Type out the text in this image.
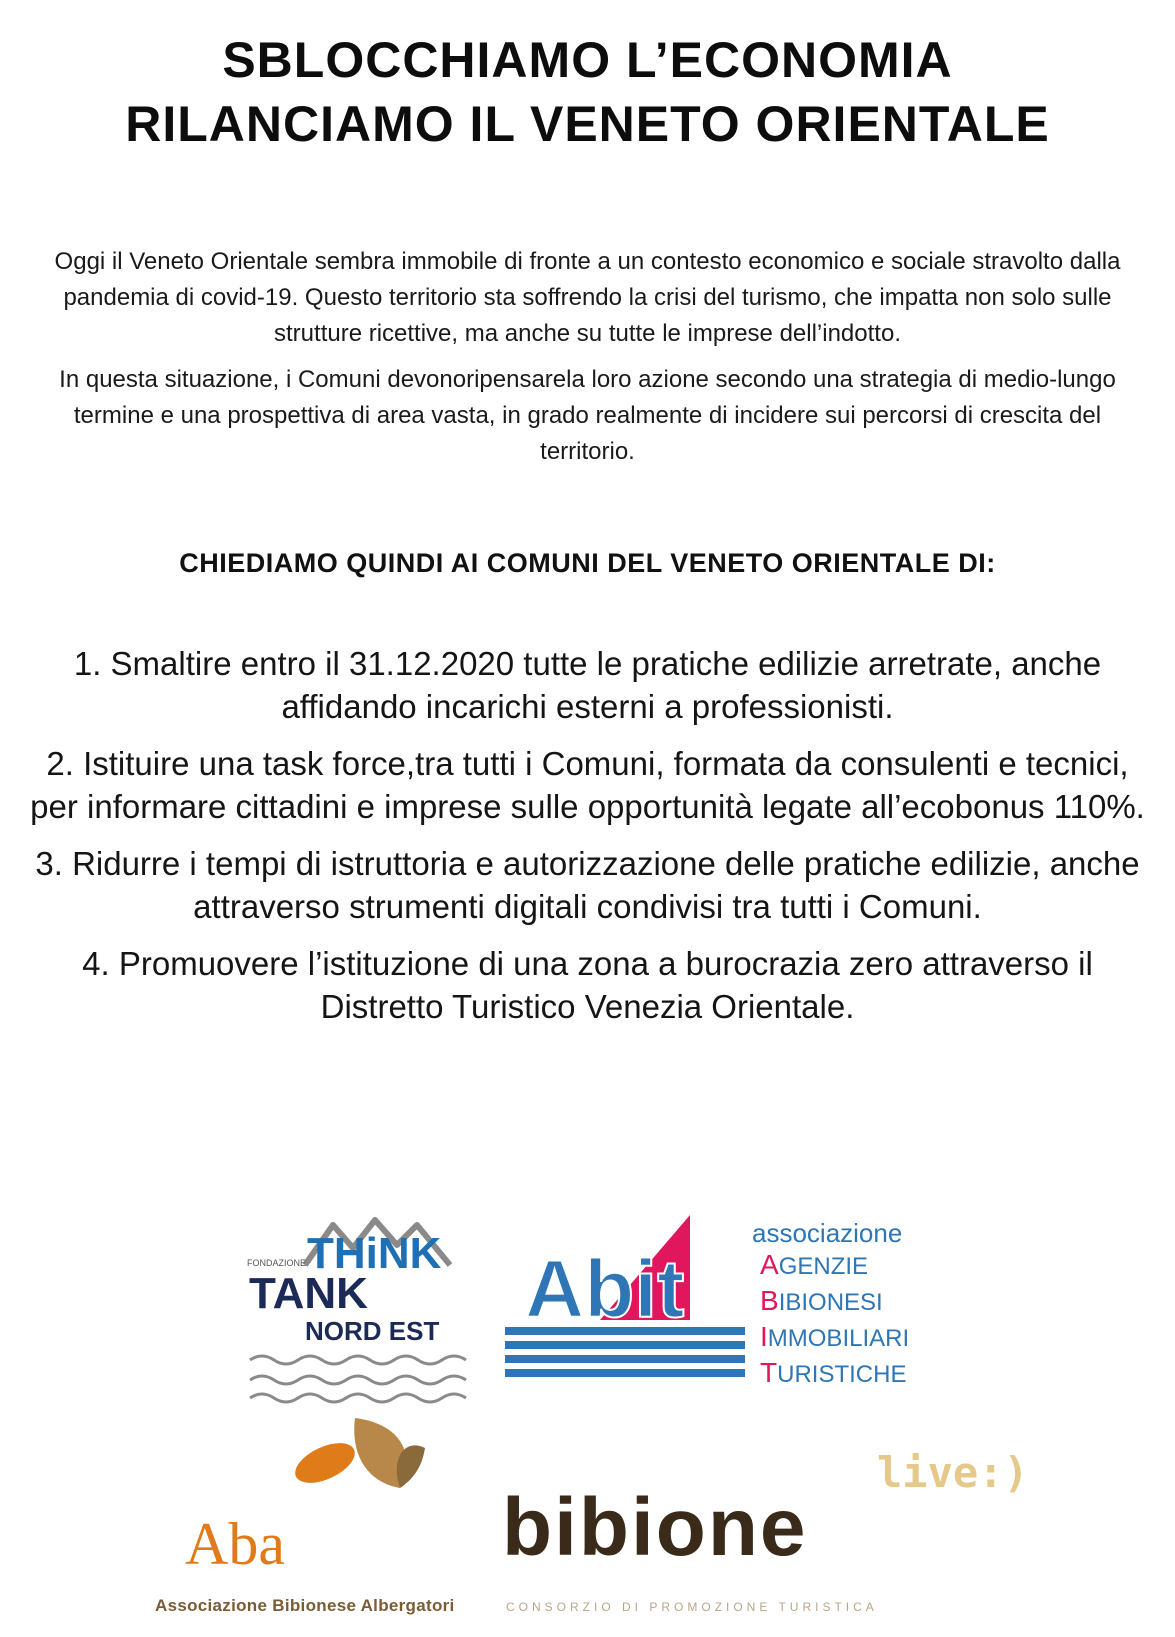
SBLOCCHIAMO L’ECONOMIA
RILANCIAMO IL VENETO ORIENTALE

Oggi il Veneto Orientale sembra immobile di fronte a un contesto economico e sociale stravolto dalla pandemia di covid-19. Questo territorio sta soffrendo la crisi del turismo, che impatta non solo sulle strutture ricettive, ma anche su tutte le imprese dell’indotto.

In questa situazione, i Comuni devonoripensarela loro azione secondo una strategia di medio-lungo termine e una prospettiva di area vasta, in grado realmente di incidere sui percorsi di crescita del territorio.

CHIEDIAMO QUINDI AI COMUNI DEL VENETO ORIENTALE DI:

1. Smaltire entro il 31.12.2020 tutte le pratiche edilizie arretrate, anche affidando incarichi esterni a professionisti.

2. Istituire una task force,tra tutti i Comuni, formata da consulenti e tecnici, per informare cittadini e imprese sulle opportunità legate all’ecobonus 110%.

3. Ridurre i tempi di istruttoria e autorizzazione delle pratiche edilizie, anche attraverso strumenti digitali condivisi tra tutti i Comuni.

4. Promuovere l’istituzione di una zona a burocrazia zero attraverso il Distretto Turistico Venezia Orientale.

FONDAZIONE THiNK
TANK
NORD EST Abit
associazione
AGENZIE
BIBIONESI
IMMOBILIARI
TURISTICHE
Aba
Associazione Bibionese Albergatori
bibione
live:)
CONSORZIO DI PROMOZIONE TURISTICA
